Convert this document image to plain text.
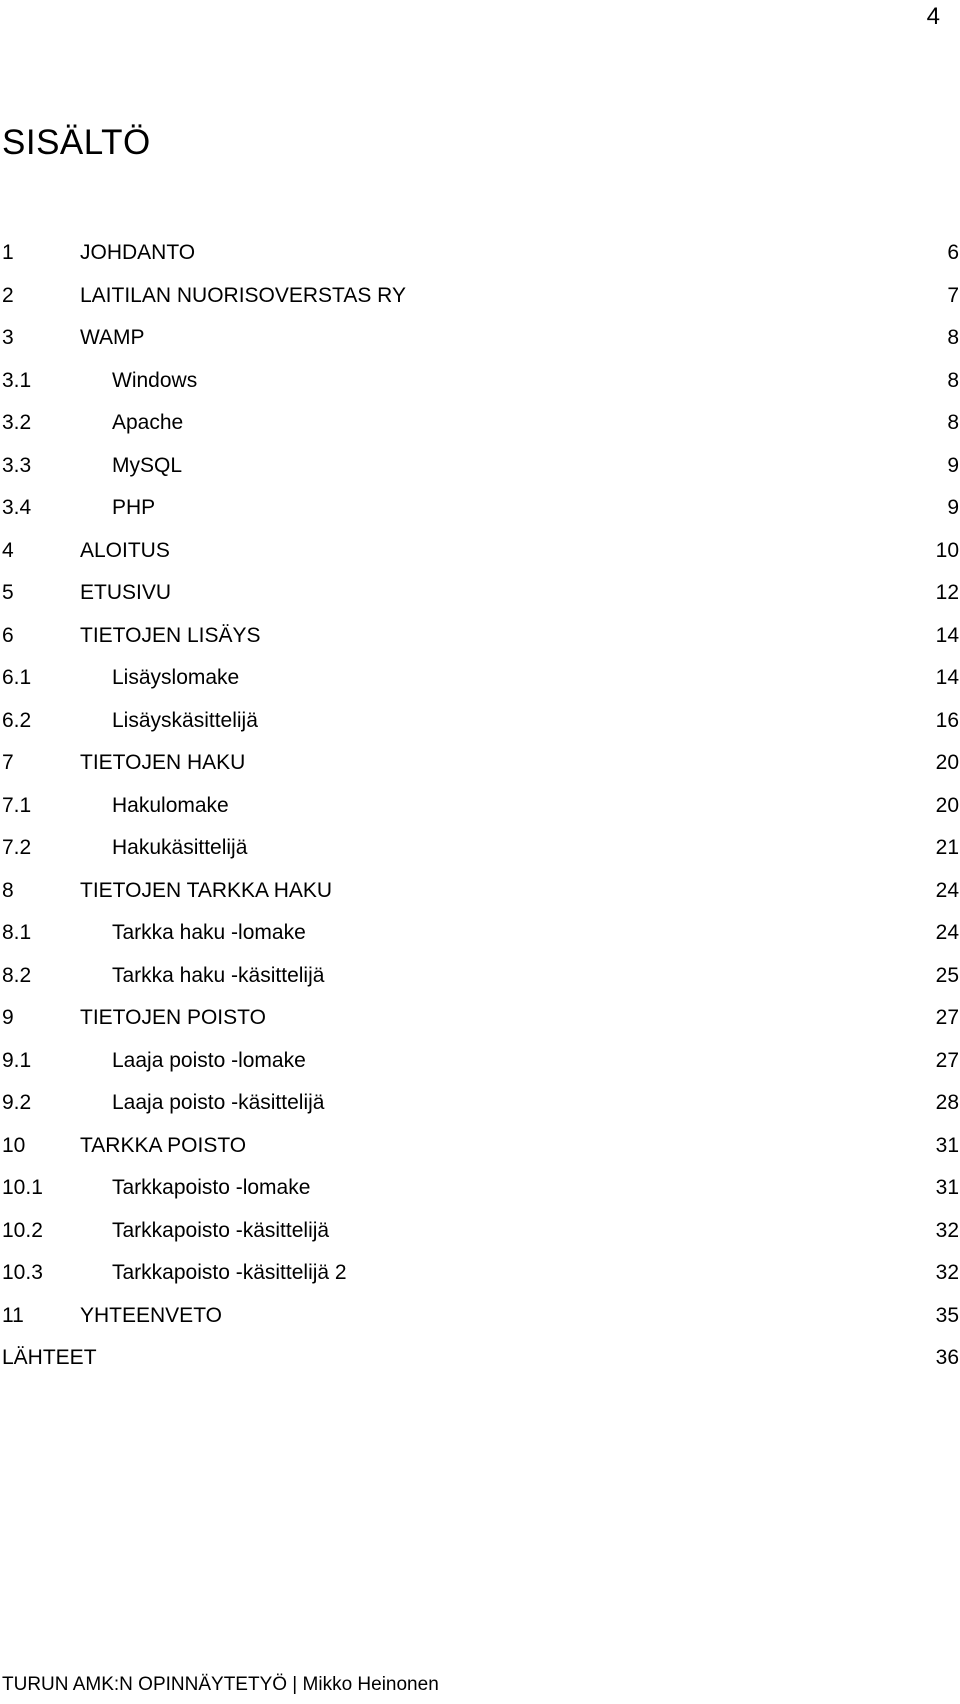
4
SISÄLTÖ
1	JOHDANTO	6
2	LAITILAN NUORISOVERSTAS RY	7
3	WAMP	8
3.1	Windows	8
3.2	Apache	8
3.3	MySQL	9
3.4	PHP	9
4	ALOITUS	10
5	ETUSIVU	12
6	TIETOJEN LISÄYS	14
6.1	Lisäyslomake	14
6.2	Lisäyskäsittelijä	16
7	TIETOJEN HAKU	20
7.1	Hakulomake	20
7.2	Hakukäsittelijä	21
8	TIETOJEN TARKKA HAKU	24
8.1	Tarkka haku -lomake	24
8.2	Tarkka haku -käsittelijä	25
9	TIETOJEN POISTO	27
9.1	Laaja poisto -lomake	27
9.2	Laaja poisto -käsittelijä	28
10	TARKKA POISTO	31
10.1	Tarkkapoisto -lomake	31
10.2	Tarkkapoisto -käsittelijä	32
10.3	Tarkkapoisto -käsittelijä 2	32
11	YHTEENVETO	35
LÄHTEET	36
TURUN AMK:N OPINNÄYTETYÖ | Mikko Heinonen
